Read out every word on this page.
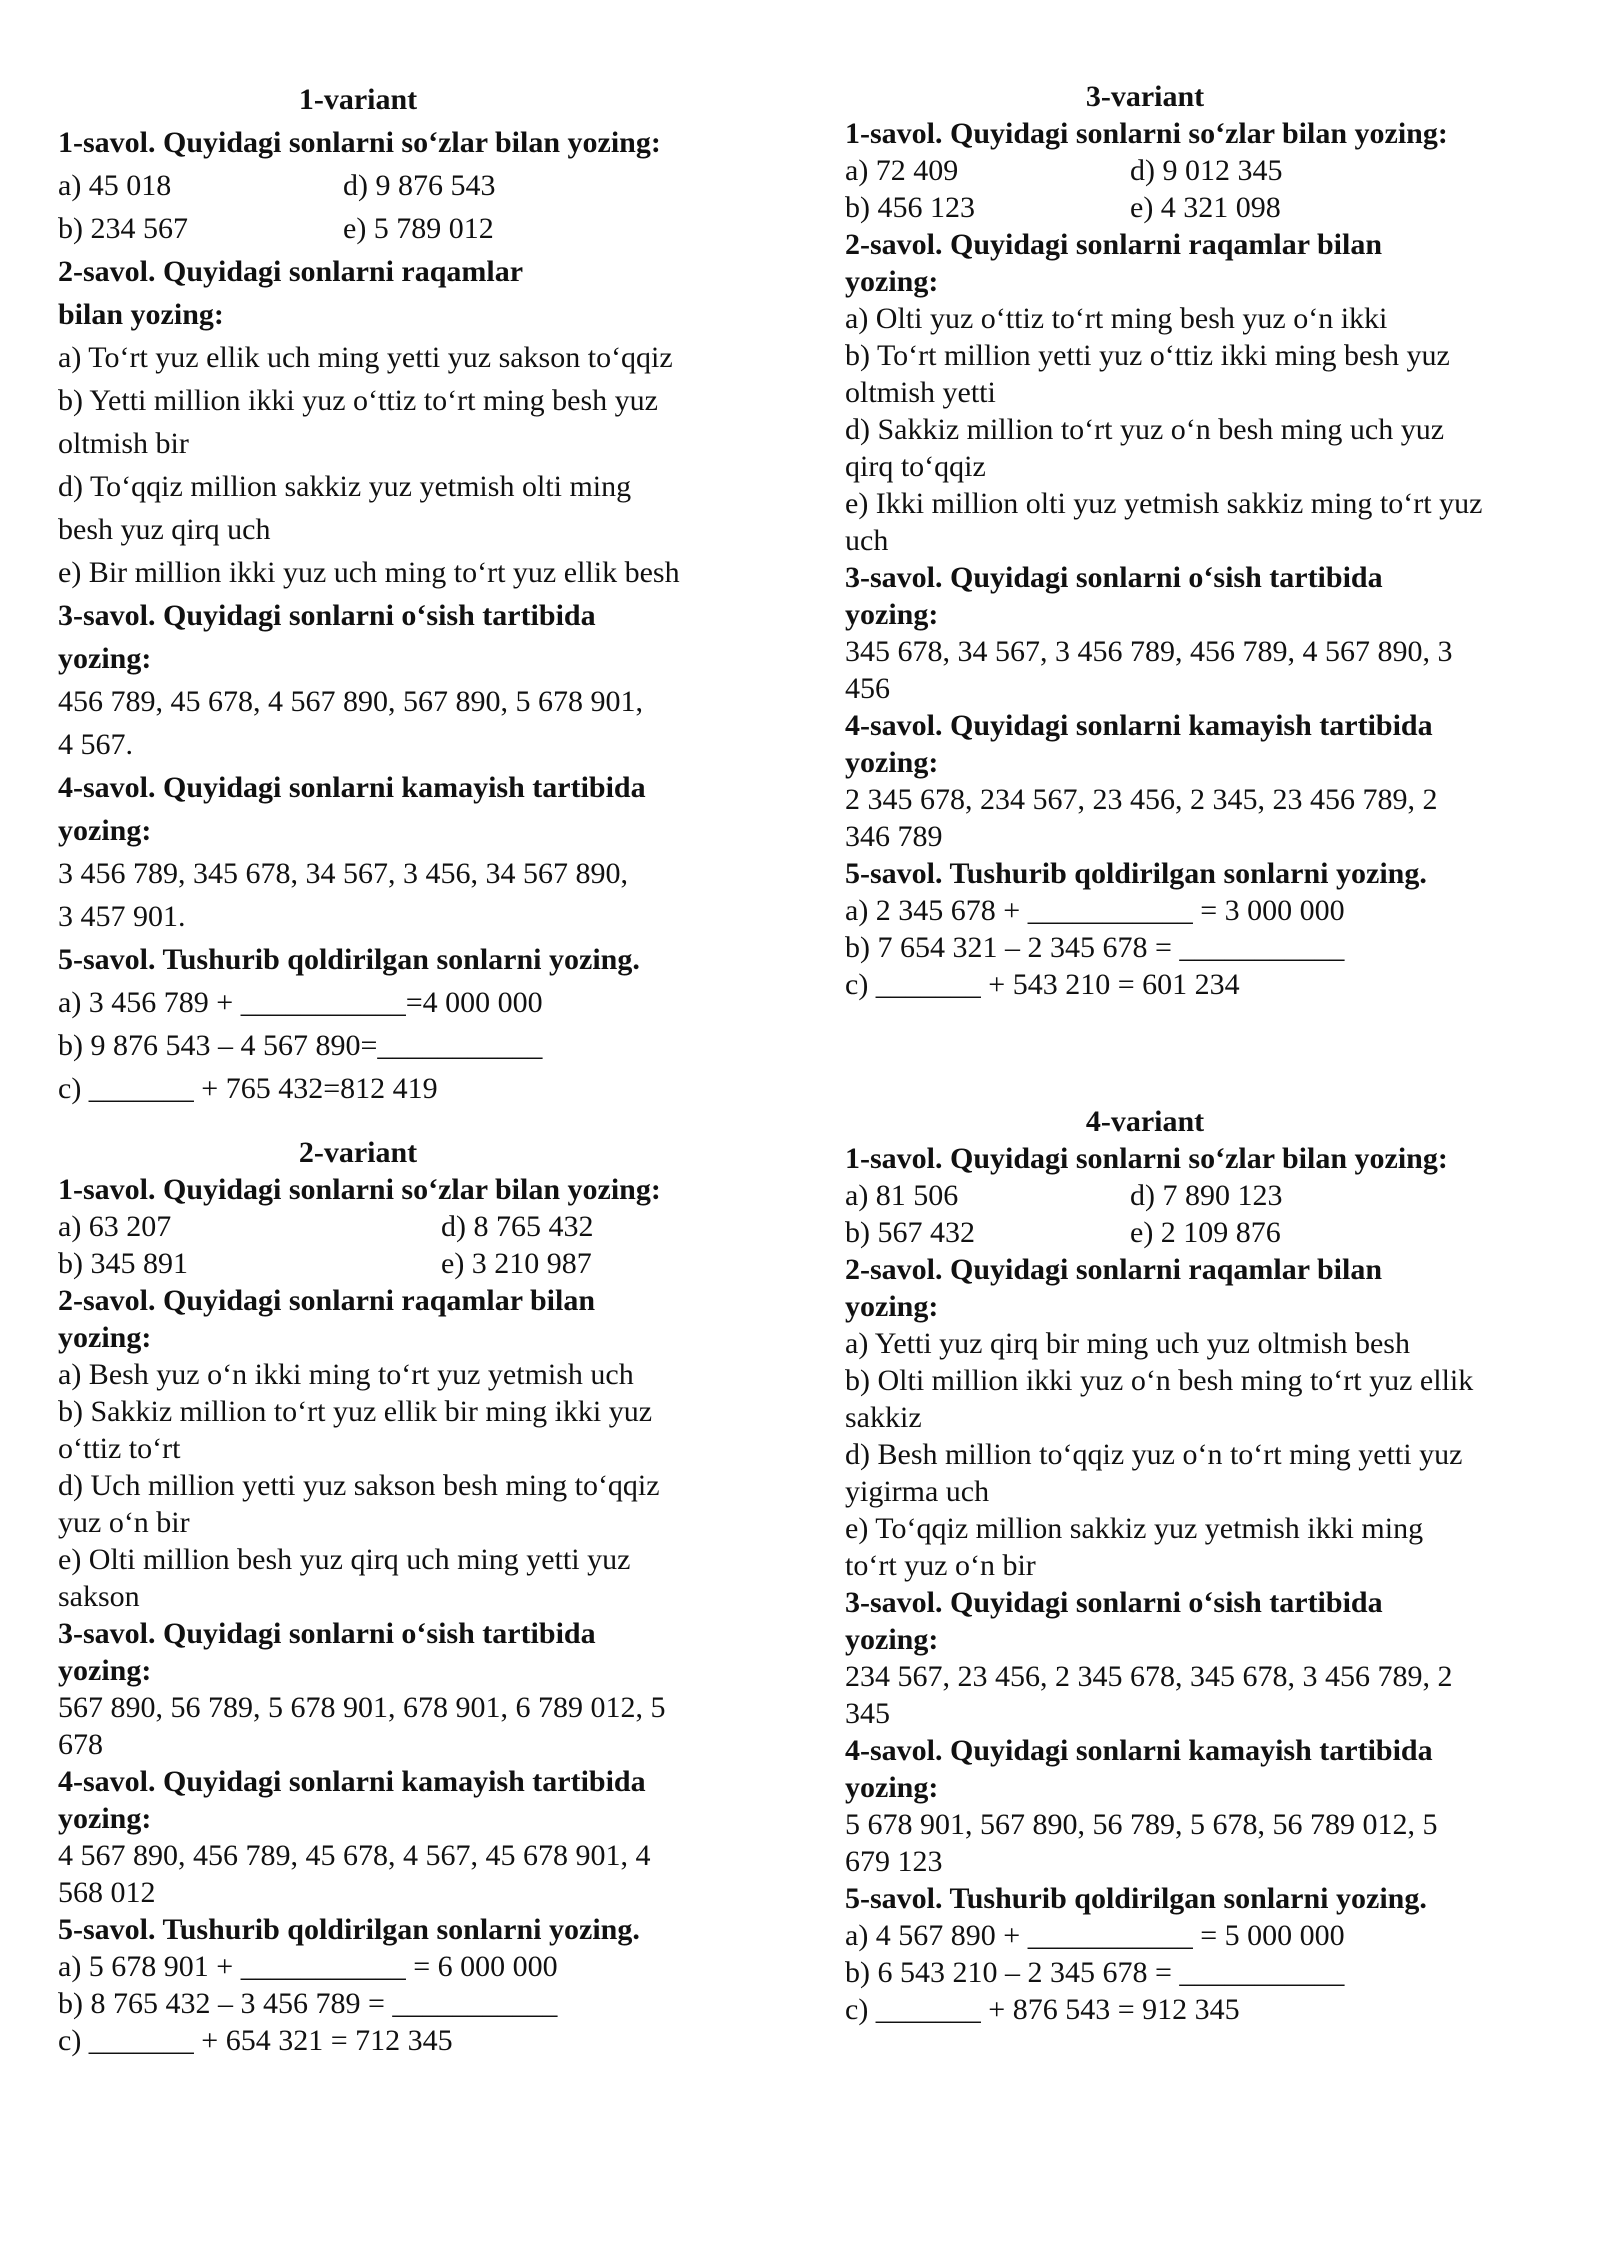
1-variant
1-savol. Quyidagi sonlarni so‘zlar bilan yozing:
a) 45 018	d) 9 876 543
b) 234 567	e) 5 789 012
2-savol. Quyidagi sonlarni raqamlar
bilan yozing:
a) To‘rt yuz ellik uch ming yetti yuz sakson to‘qqiz
b) Yetti million ikki yuz o‘ttiz to‘rt ming besh yuz
oltmish bir
d) To‘qqiz million sakkiz yuz yetmish olti ming
besh yuz qirq uch
e) Bir million ikki yuz uch ming to‘rt yuz ellik besh
3-savol. Quyidagi sonlarni o‘sish tartibida
yozing:
456 789, 45 678, 4 567 890, 567 890, 5 678 901,
4 567.
4-savol. Quyidagi sonlarni kamayish tartibida
yozing:
3 456 789, 345 678, 34 567, 3 456, 34 567 890,
3 457 901.
5-savol. Tushurib qoldirilgan sonlarni yozing.
a) 3 456 789 + ___________=4 000 000
b) 9 876 543 – 4 567 890=___________
c) _______ + 765 432=812 419
2-variant
1-savol. Quyidagi sonlarni so‘zlar bilan yozing:
a) 63 207	d) 8 765 432
b) 345 891	e) 3 210 987
2-savol. Quyidagi sonlarni raqamlar bilan
yozing:
a) Besh yuz o‘n ikki ming to‘rt yuz yetmish uch
b) Sakkiz million to‘rt yuz ellik bir ming ikki yuz
o‘ttiz to‘rt
d) Uch million yetti yuz sakson besh ming to‘qqiz
yuz o‘n bir
e) Olti million besh yuz qirq uch ming yetti yuz
sakson
3-savol. Quyidagi sonlarni o‘sish tartibida
yozing:
567 890, 56 789, 5 678 901, 678 901, 6 789 012, 5
678
4-savol. Quyidagi sonlarni kamayish tartibida
yozing:
4 567 890, 456 789, 45 678, 4 567, 45 678 901, 4
568 012
5-savol. Tushurib qoldirilgan sonlarni yozing.
a) 5 678 901 + ___________ = 6 000 000
b) 8 765 432 – 3 456 789 = ___________
c) _______ + 654 321 = 712 345
3-variant
1-savol. Quyidagi sonlarni so‘zlar bilan yozing:
a) 72 409	d) 9 012 345
b) 456 123	e) 4 321 098
2-savol. Quyidagi sonlarni raqamlar bilan
yozing:
a) Olti yuz o‘ttiz to‘rt ming besh yuz o‘n ikki
b) To‘rt million yetti yuz o‘ttiz ikki ming besh yuz
oltmish yetti
d) Sakkiz million to‘rt yuz o‘n besh ming uch yuz
qirq to‘qqiz
e) Ikki million olti yuz yetmish sakkiz ming to‘rt yuz
uch
3-savol. Quyidagi sonlarni o‘sish tartibida
yozing:
345 678, 34 567, 3 456 789, 456 789, 4 567 890, 3
456
4-savol. Quyidagi sonlarni kamayish tartibida
yozing:
2 345 678, 234 567, 23 456, 2 345, 23 456 789, 2
346 789
5-savol. Tushurib qoldirilgan sonlarni yozing.
a) 2 345 678 + ___________ = 3 000 000
b) 7 654 321 – 2 345 678 = ___________
c) _______ + 543 210 = 601 234
4-variant
1-savol. Quyidagi sonlarni so‘zlar bilan yozing:
a) 81 506	d) 7 890 123
b) 567 432	e) 2 109 876
2-savol. Quyidagi sonlarni raqamlar bilan
yozing:
a) Yetti yuz qirq bir ming uch yuz oltmish besh
b) Olti million ikki yuz o‘n besh ming to‘rt yuz ellik
sakkiz
d) Besh million to‘qqiz yuz o‘n to‘rt ming yetti yuz
yigirma uch
e) To‘qqiz million sakkiz yuz yetmish ikki ming
to‘rt yuz o‘n bir
3-savol. Quyidagi sonlarni o‘sish tartibida
yozing:
234 567, 23 456, 2 345 678, 345 678, 3 456 789, 2
345
4-savol. Quyidagi sonlarni kamayish tartibida
yozing:
5 678 901, 567 890, 56 789, 5 678, 56 789 012, 5
679 123
5-savol. Tushurib qoldirilgan sonlarni yozing.
a) 4 567 890 + ___________ = 5 000 000
b) 6 543 210 – 2 345 678 = ___________
c) _______ + 876 543 = 912 345
